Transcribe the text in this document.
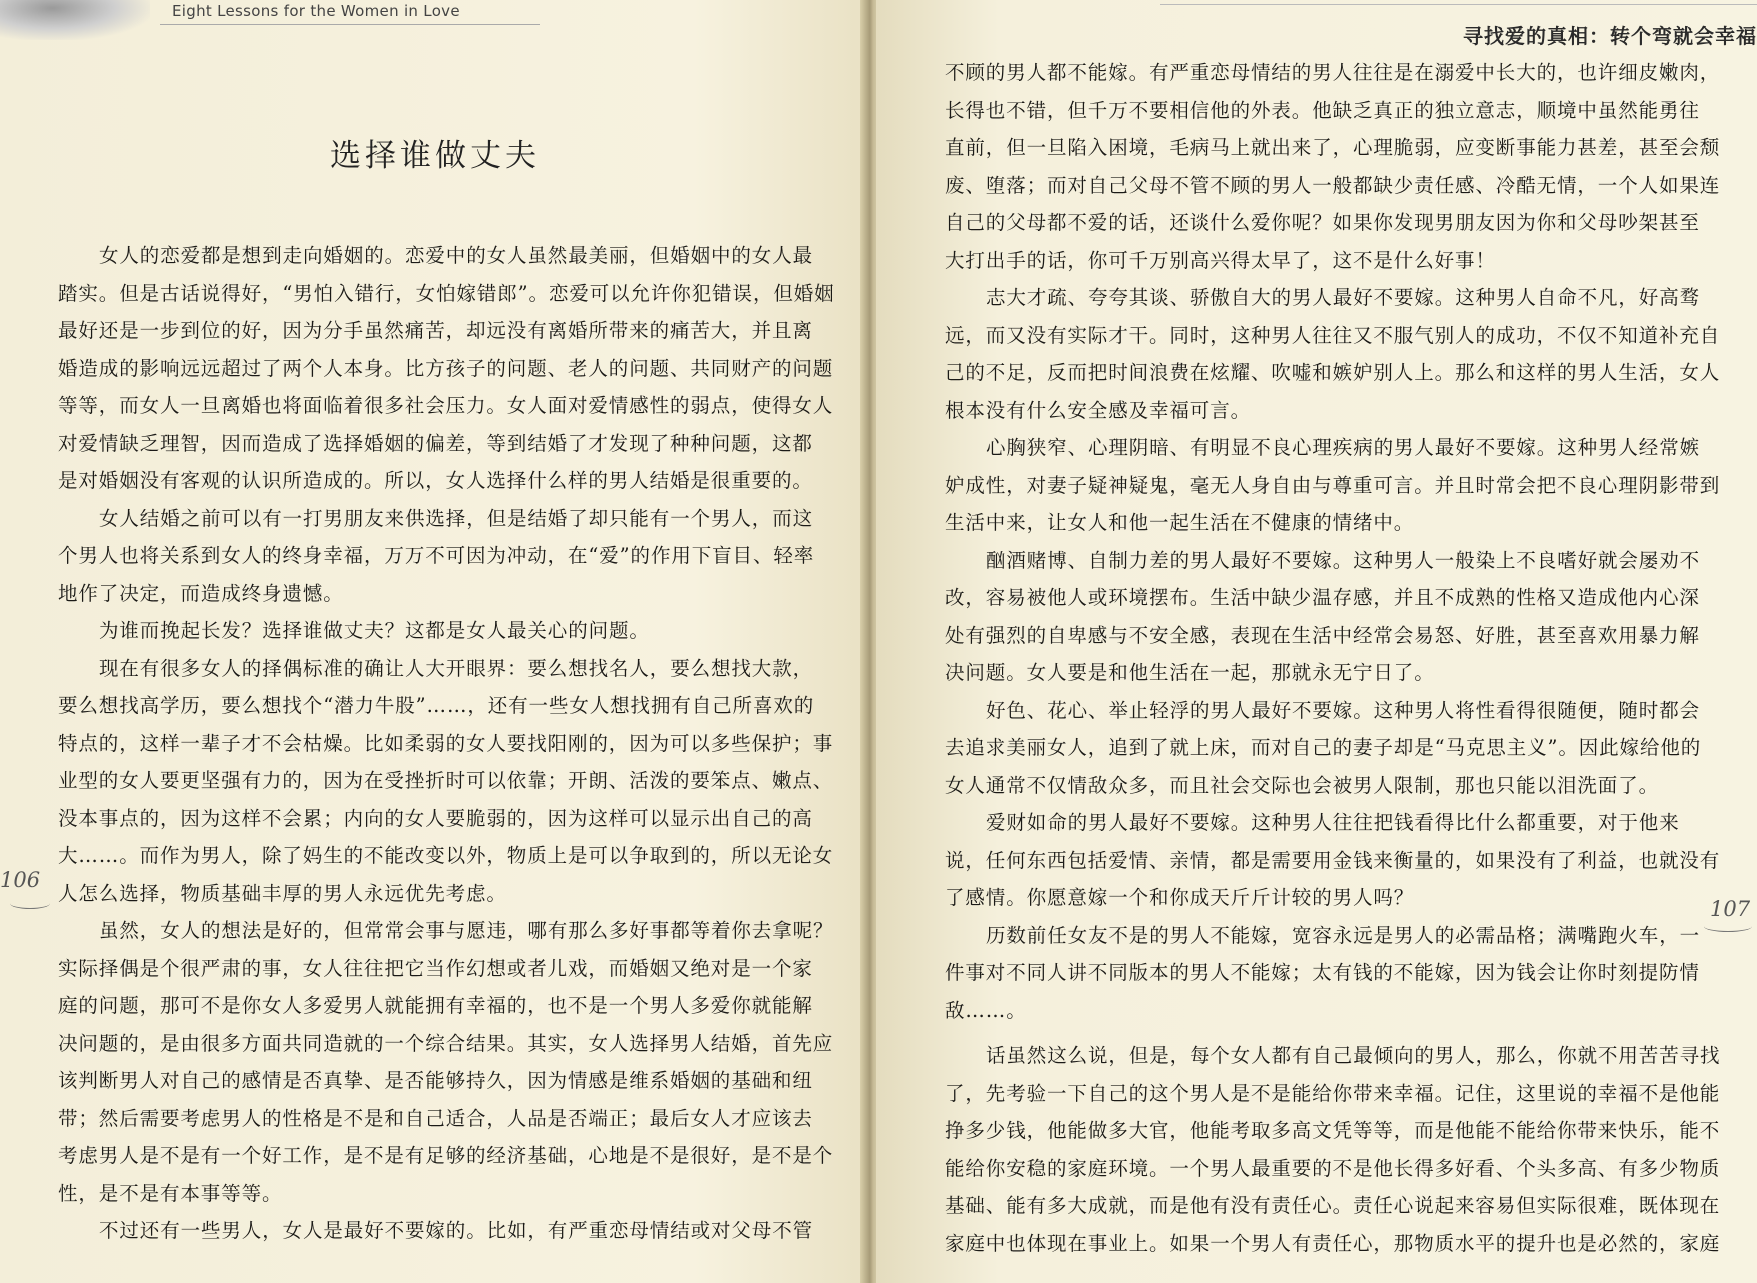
Eight Lessons for the Women in Love
选择谁做丈夫
女人的恋爱都是想到走向婚姻的。恋爱中的女人虽然最美丽，但婚姻中的女人最
踏实。但是古话说得好，“男怕入错行，女怕嫁错郎”。恋爱可以允许你犯错误，但婚姻
最好还是一步到位的好，因为分手虽然痛苦，却远没有离婚所带来的痛苦大，并且离
婚造成的影响远远超过了两个人本身。比方孩子的问题、老人的问题、共同财产的问题
等等，而女人一旦离婚也将面临着很多社会压力。女人面对爱情感性的弱点，使得女人
对爱情缺乏理智，因而造成了选择婚姻的偏差，等到结婚了才发现了种种问题，这都
是对婚姻没有客观的认识所造成的。所以，女人选择什么样的男人结婚是很重要的。
女人结婚之前可以有一打男朋友来供选择，但是结婚了却只能有一个男人，而这
个男人也将关系到女人的终身幸福，万万不可因为冲动，在“爱”的作用下盲目、轻率
地作了决定，而造成终身遗憾。
为谁而挽起长发？选择谁做丈夫？这都是女人最关心的问题。
现在有很多女人的择偶标准的确让人大开眼界：要么想找名人，要么想找大款，
要么想找高学历，要么想找个“潜力牛股”……，还有一些女人想找拥有自己所喜欢的
特点的，这样一辈子才不会枯燥。比如柔弱的女人要找阳刚的，因为可以多些保护；事
业型的女人要更坚强有力的，因为在受挫折时可以依靠；开朗、活泼的要笨点、嫩点、
没本事点的，因为这样不会累；内向的女人要脆弱的，因为这样可以显示出自己的高
大……。而作为男人，除了妈生的不能改变以外，物质上是可以争取到的，所以无论女
人怎么选择，物质基础丰厚的男人永远优先考虑。
虽然，女人的想法是好的，但常常会事与愿违，哪有那么多好事都等着你去拿呢？
实际择偶是个很严肃的事，女人往往把它当作幻想或者儿戏，而婚姻又绝对是一个家
庭的问题，那可不是你女人多爱男人就能拥有幸福的，也不是一个男人多爱你就能解
决问题的，是由很多方面共同造就的一个综合结果。其实，女人选择男人结婚，首先应
该判断男人对自己的感情是否真挚、是否能够持久，因为情感是维系婚姻的基础和纽
带；然后需要考虑男人的性格是不是和自己适合，人品是否端正；最后女人才应该去
考虑男人是不是有一个好工作，是不是有足够的经济基础，心地是不是很好，是不是个
性，是不是有本事等等。
不过还有一些男人，女人是最好不要嫁的。比如，有严重恋母情结或对父母不管
106
寻找爱的真相：转个弯就会幸福
不顾的男人都不能嫁。有严重恋母情结的男人往往是在溺爱中长大的，也许细皮嫩肉，
长得也不错，但千万不要相信他的外表。他缺乏真正的独立意志，顺境中虽然能勇往
直前，但一旦陷入困境，毛病马上就出来了，心理脆弱，应变断事能力甚差，甚至会颓
废、堕落；而对自己父母不管不顾的男人一般都缺少责任感、冷酷无情，一个人如果连
自己的父母都不爱的话，还谈什么爱你呢？如果你发现男朋友因为你和父母吵架甚至
大打出手的话，你可千万别高兴得太早了，这不是什么好事！
志大才疏、夸夸其谈、骄傲自大的男人最好不要嫁。这种男人自命不凡，好高骛
远，而又没有实际才干。同时，这种男人往往又不服气别人的成功，不仅不知道补充自
己的不足，反而把时间浪费在炫耀、吹嘘和嫉妒别人上。那么和这样的男人生活，女人
根本没有什么安全感及幸福可言。
心胸狭窄、心理阴暗、有明显不良心理疾病的男人最好不要嫁。这种男人经常嫉
妒成性，对妻子疑神疑鬼，毫无人身自由与尊重可言。并且时常会把不良心理阴影带到
生活中来，让女人和他一起生活在不健康的情绪中。
酗酒赌博、自制力差的男人最好不要嫁。这种男人一般染上不良嗜好就会屡劝不
改，容易被他人或环境摆布。生活中缺少温存感，并且不成熟的性格又造成他内心深
处有强烈的自卑感与不安全感，表现在生活中经常会易怒、好胜，甚至喜欢用暴力解
决问题。女人要是和他生活在一起，那就永无宁日了。
好色、花心、举止轻浮的男人最好不要嫁。这种男人将性看得很随便，随时都会
去追求美丽女人，追到了就上床，而对自己的妻子却是“马克思主义”。因此嫁给他的
女人通常不仅情敌众多，而且社会交际也会被男人限制，那也只能以泪洗面了。
爱财如命的男人最好不要嫁。这种男人往往把钱看得比什么都重要，对于他来
说，任何东西包括爱情、亲情，都是需要用金钱来衡量的，如果没有了利益，也就没有
了感情。你愿意嫁一个和你成天斤斤计较的男人吗？
历数前任女友不是的男人不能嫁，宽容永远是男人的必需品格；满嘴跑火车，一
件事对不同人讲不同版本的男人不能嫁；太有钱的不能嫁，因为钱会让你时刻提防情
敌……。
话虽然这么说，但是，每个女人都有自己最倾向的男人，那么，你就不用苦苦寻找
了，先考验一下自己的这个男人是不是能给你带来幸福。记住，这里说的幸福不是他能
挣多少钱，他能做多大官，他能考取多高文凭等等，而是他能不能给你带来快乐，能不
能给你安稳的家庭环境。一个男人最重要的不是他长得多好看、个头多高、有多少物质
基础、能有多大成就，而是他有没有责任心。责任心说起来容易但实际很难，既体现在
家庭中也体现在事业上。如果一个男人有责任心，那物质水平的提升也是必然的，家庭
107
